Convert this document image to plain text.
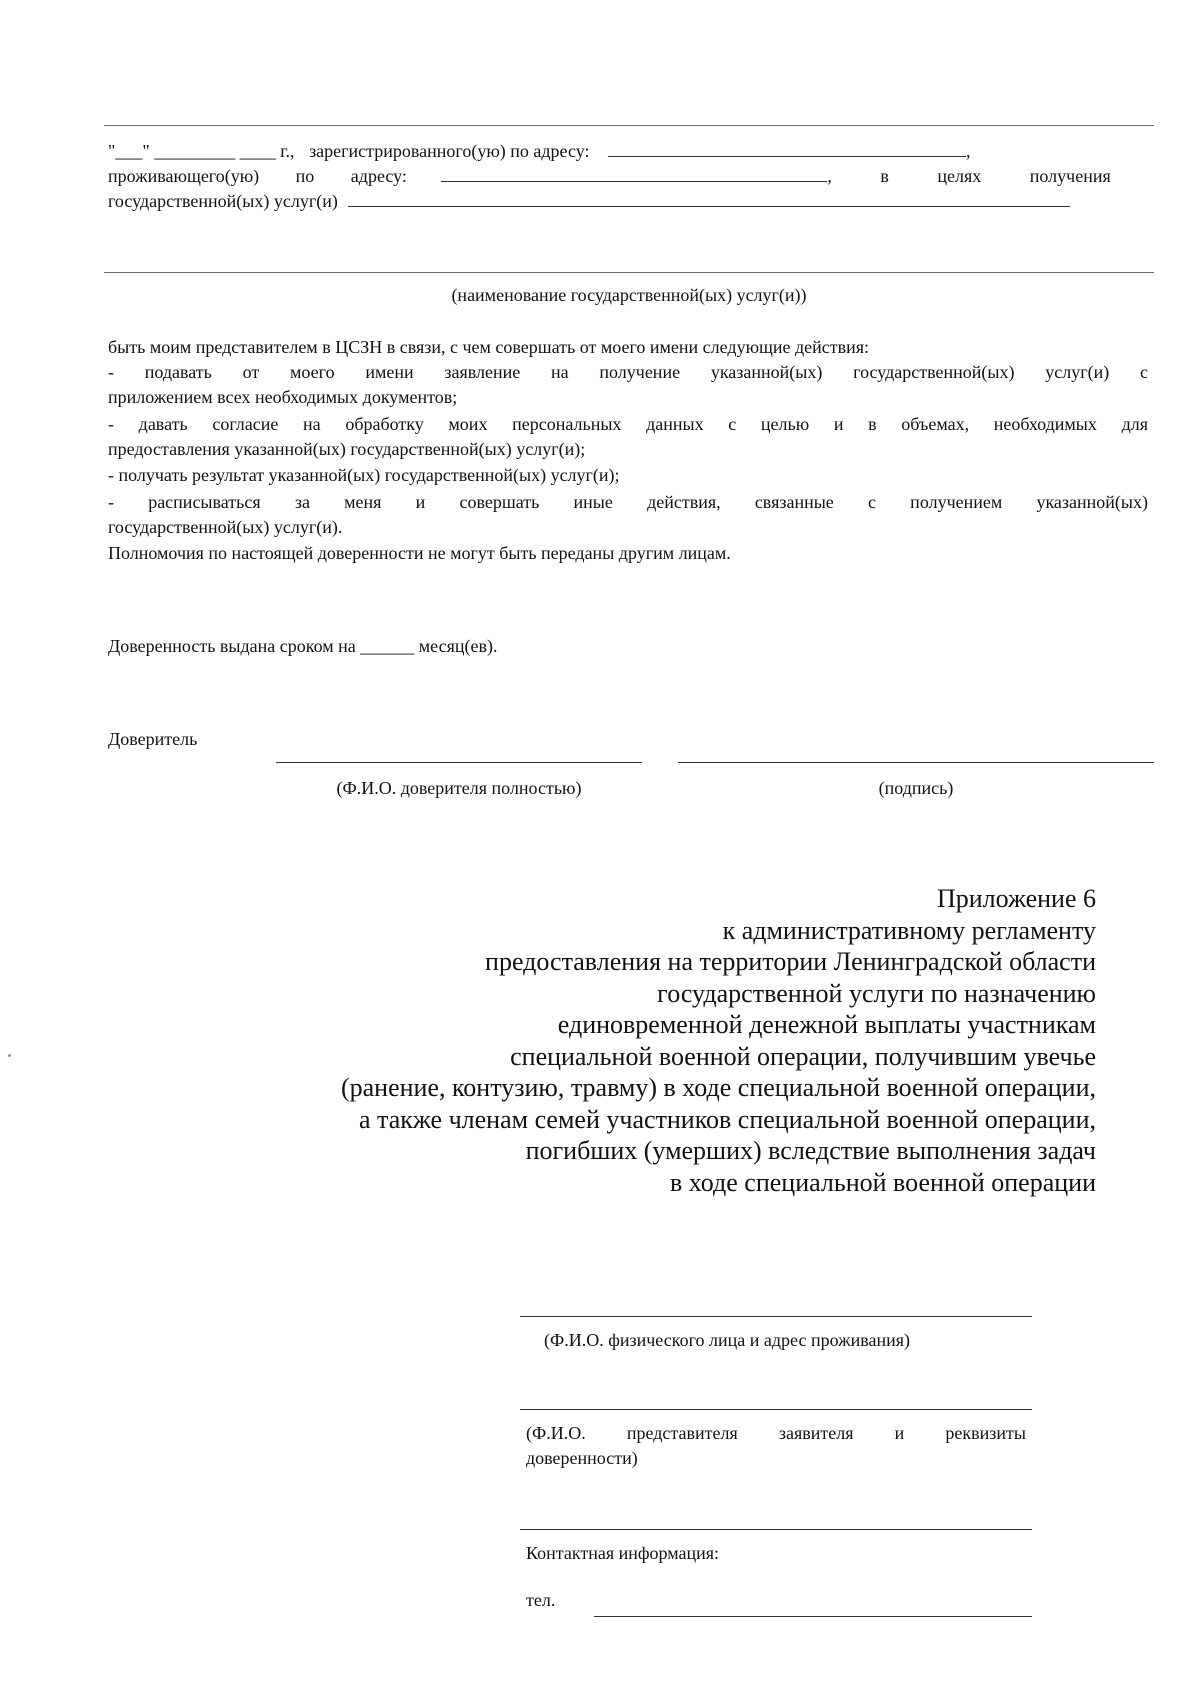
"___" _________ ____ г., зарегистрированного(ую) по адресу:	,
проживающего(ую) по адресу:	, в целях получения
государственной(ых) услуг(и)
(наименование государственной(ых) услуг(и))
быть моим представителем в ЦСЗН в связи, с чем совершать от моего имени следующие действия:
- подавать от моего имени заявление на получение указанной(ых) государственной(ых) услуг(и) с
приложением всех необходимых документов;
- давать согласие на обработку моих персональных данных с целью и в объемах, необходимых для
предоставления указанной(ых) государственной(ых) услуг(и);
- получать результат указанной(ых) государственной(ых) услуг(и);
- расписываться за меня и совершать иные действия, связанные с получением указанной(ых)
государственной(ых) услуг(и).
Полномочия по настоящей доверенности не могут быть переданы другим лицам.
Доверенность выдана сроком на ______ месяц(ев).
Доверитель
(Ф.И.О. доверителя полностью)	(подпись)
Приложение 6
к административному регламенту
предоставления на территории Ленинградской области
государственной услуги по назначению
единовременной денежной выплаты участникам
специальной военной операции, получившим увечье
(ранение, контузию, травму) в ходе специальной военной операции,
а также членам семей участников специальной военной операции,
погибших (умерших) вследствие выполнения задач
в ходе специальной военной операции
(Ф.И.О. физического лица и адрес проживания)
(Ф.И.О. представителя заявителя и реквизиты
доверенности)
Контактная информация:
тел.
